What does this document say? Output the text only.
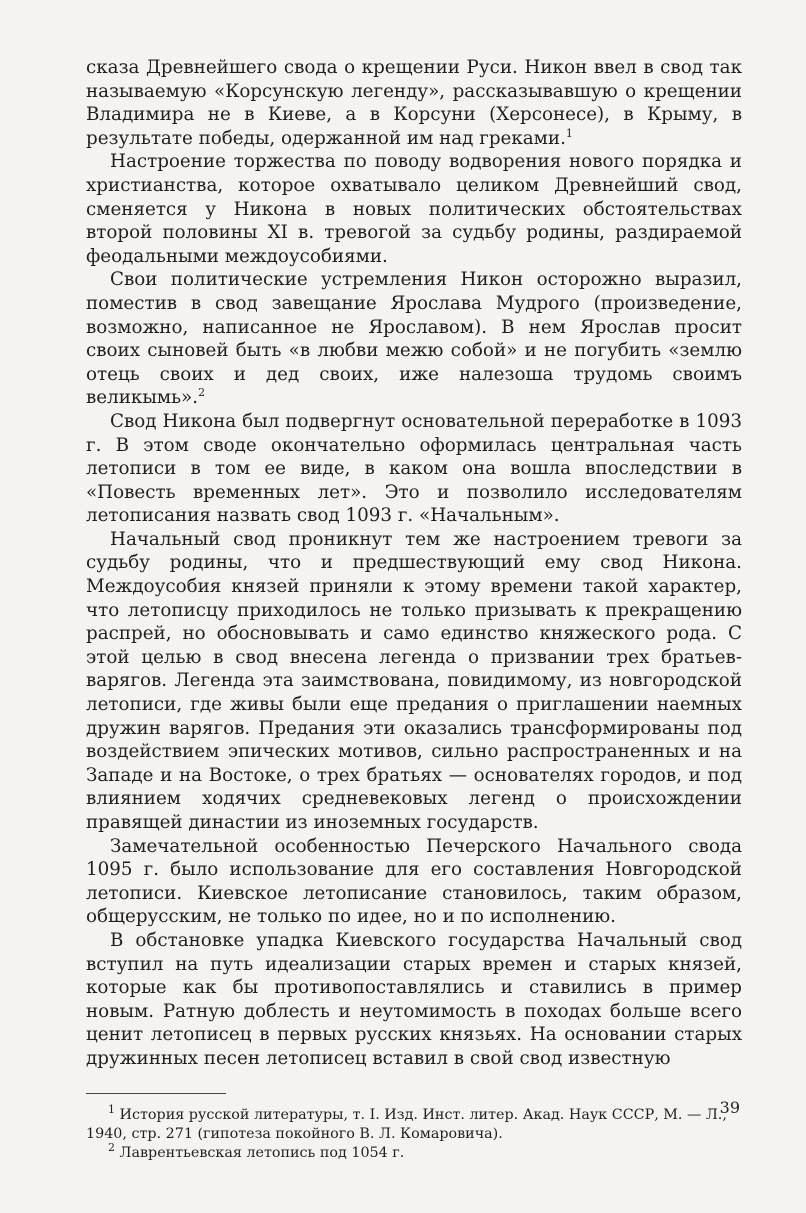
сказа Древнейшего свода о крещении Руси. Никон ввел в свод так называемую «Корсунскую легенду», рассказывавшую о крещении Владимира не в Киеве, а в Корсуни (Херсонесе), в Крыму, в результате победы, одержанной им над греками.$^1$

Настроение торжества по поводу водворения нового порядка и христианства, которое охватывало целиком Древнейший свод, сменяется у Никона в новых политических обстоятельствах второй половины XI в. тревогой за судьбу родины, раздираемой феодальными междоусобиями.

Свои политические устремления Никон осторожно выразил, поместив в свод завещание Ярослава Мудрого (произведение, возможно, написанное не Ярославом). В нем Ярослав просит своих сыновей быть «в любви межю собой» и не погубить «землю отець своих и дед своих, иже налезоша трудомь своимъ великымь».$^2$

Свод Никона был подвергнут основательной переработке в 1093 г. В этом своде окончательно оформилась центральная часть летописи в том ее виде, в каком она вошла впоследствии в «Повесть временных лет». Это и позволило исследователям летописания назвать свод 1093 г. «Начальным».

Начальный свод проникнут тем же настроением тревоги за судьбу родины, что и предшествующий ему свод Никона. Междоусобия князей приняли к этому времени такой характер, что летописцу приходилось не только призывать к прекращению распрей, но обосновывать и само единство княжеского рода. С этой целью в свод внесена легенда о призвании трех братьев-варягов. Легенда эта заимствована, повидимому, из новгородской летописи, где живы были еще предания о приглашении наемных дружин варягов. Предания эти оказались трансформированы под воздействием эпических мотивов, сильно распространенных и на Западе и на Востоке, о трех братьях — основателях городов, и под влиянием ходячих средневековых легенд о происхождении правящей династии из иноземных государств.

Замечательной особенностью Печерского Начального свода 1095 г. было использование для его составления Новгородской летописи. Киевское летописание становилось, таким образом, общерусским, не только по идее, но и по исполнению.

В обстановке упадка Киевского государства Начальный свод вступил на путь идеализации старых времен и старых князей, которые как бы противопоставлялись и ставились в пример новым. Ратную доблесть и неутомимость в походах больше всего ценит летописец в первых русских князьях. На основании старых дружинных песен летописец вставил в свой свод известную

$^1$ История русской литературы, т. I. Изд. Инст. литер. Акад. Наук СССР, М. — Л., 1940, стр. 271 (гипотеза покойного В. Л. Комаровича).

$^2$ Лаврентьевская летопись под 1054 г.

39
